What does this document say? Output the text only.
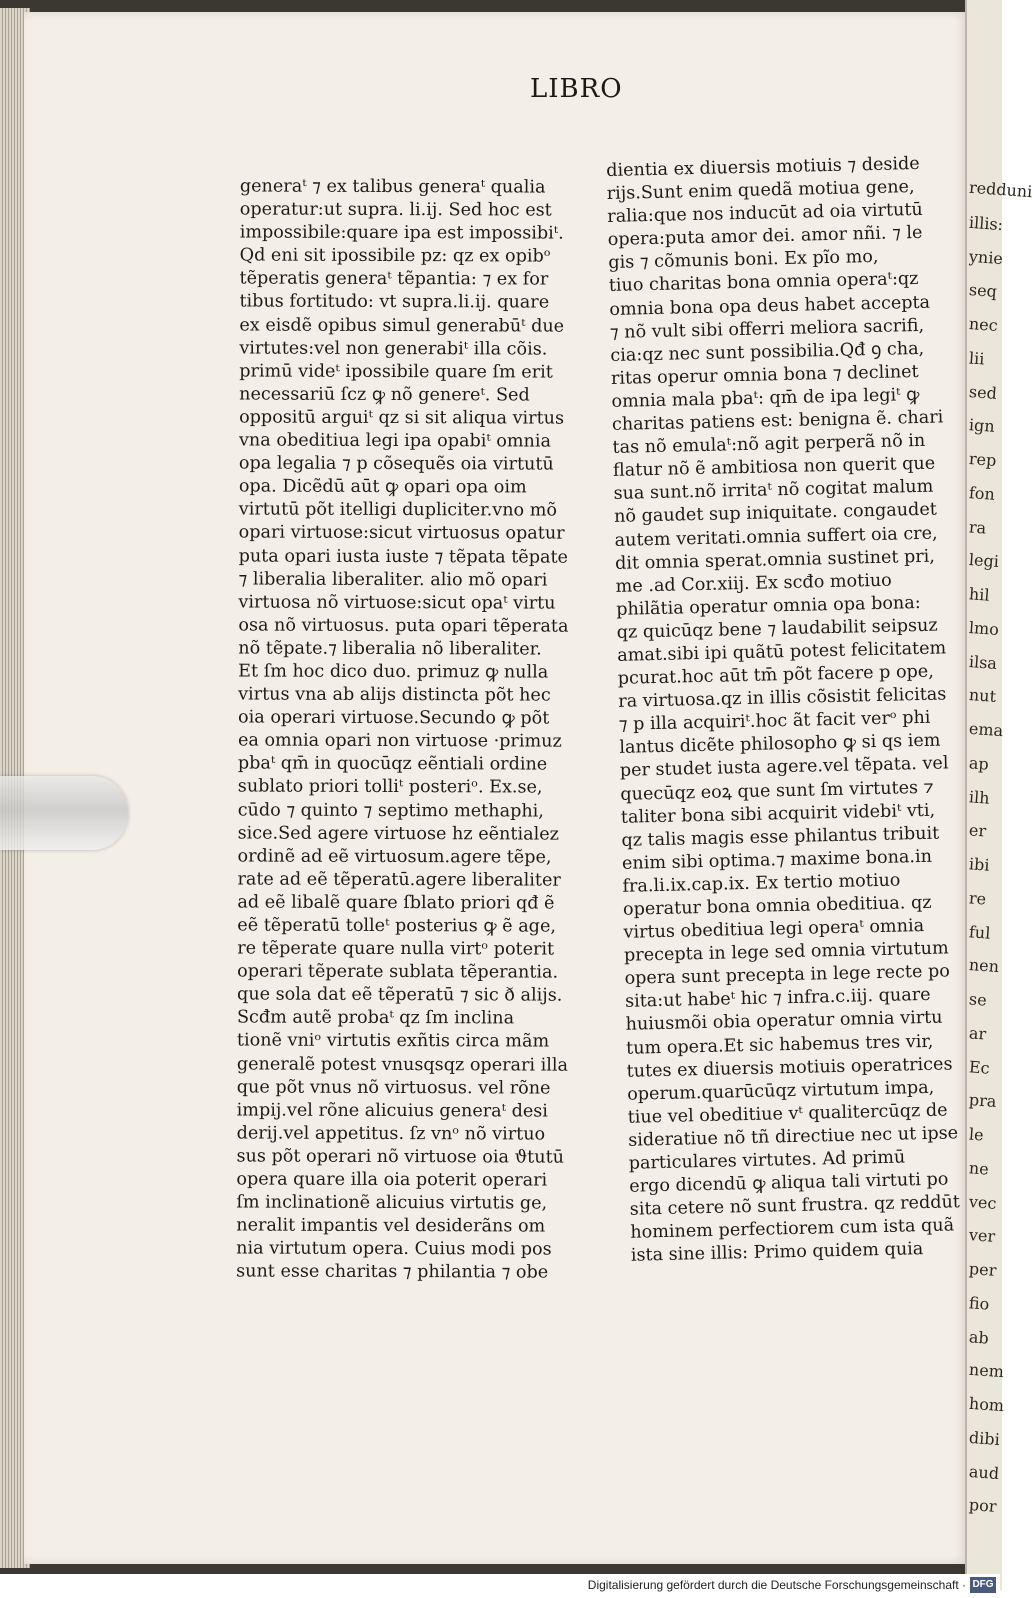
LIBRO
generaᵗ ⁊ ex talibus generaᵗ qualia
operatur:ut supra. li.ij. Sed hoc est
impossibile:quare ipa est impossibiᵗ.
Qd eni sit ipossibile pz: qz ex opibᵒ
tẽperatis generaᵗ tẽpantia: ⁊ ex for
tibus fortitudo: vt supra.li.ij. quare
ex eisdẽ opibus simul generabūᵗ due
virtutes:vel non generabiᵗ illa cõis.
primū videᵗ ipossibile quare ſm erit
necessariū ſcz ꝙ nõ genereᵗ. Sed
oppositū arguiᵗ qz si sit aliqua virtus
vna obeditiua legi ipa opabiᵗ omnia
opa legalia ⁊ p cõsequẽs oia virtutū
opa. Dicẽdū aūt ꝙ opari opa oim
virtutū põt itelligi dupliciter.vno mõ
opari virtuose:sicut virtuosus opatur
puta opari iusta iuste ⁊ tẽpata tẽpate
⁊ liberalia liberaliter. alio mõ opari
virtuosa nõ virtuose:sicut opaᵗ virtu
osa nõ virtuosus. puta opari tẽperata
nõ tẽpate.⁊ liberalia nõ liberaliter.
Et ſm hoc dico duo. primuz ꝙ nulla
virtus vna ab alijs distincta põt hec
oia operari virtuose.Secundo ꝙ põt
ea omnia opari non virtuose ·primuz
pbaᵗ qm̄ in quocūqz eẽntiali ordine
sublato priori tolliᵗ posteriᵒ. Ex.se,
cūdo ⁊ quinto ⁊ septimo methaphi,
sice.Sed agere virtuose hz eẽntialez
ordinẽ ad eẽ virtuosum.agere tẽpe,
rate ad eẽ tẽperatū.agere liberaliter
ad eẽ libalẽ quare ſblato priori qđ ẽ
eẽ tẽperatū tolleᵗ posterius ꝙ ẽ age,
re tẽperate quare nulla virtᵒ poterit
operari tẽperate sublata tẽperantia.
que sola dat eẽ tẽperatū ⁊ sic ð alijs.
Scđm autẽ probaᵗ qz ſm inclina
tionẽ vniᵒ virtutis exñtis circa mãm
generalẽ potest vnusqsqz operari illa
que põt vnus nõ virtuosus. vel rõne
impij.vel rõne alicuius generaᵗ desi
derij.vel appetitus. ſz vnᵒ nõ virtuo
sus põt operari nõ virtuose oia ϑtutū
opera quare illa oia poterit operari
ſm inclinationẽ alicuius virtutis ge,
neralit impantis vel desiderãns om
nia virtutum opera. Cuius modi pos
sunt esse charitas ⁊ philantia ⁊ obe
dientia ex diuersis motiuis ⁊ deside
rijs.Sunt enim quedã motiua gene,
ralia:que nos inducūt ad oia virtutū
opera:puta amor dei. amor nñi. ⁊ le
gis ⁊ cõmunis boni. Ex pĩo mo,
tiuo charitas bona omnia operaᵗ:qz
omnia bona opa deus habet accepta
⁊ nõ vult sibi offerri meliora sacrifi,
cia:qz nec sunt possibilia.Qđ ꝯ cha,
ritas operur omnia bona ⁊ declinet
omnia mala pbaᵗ: qm̄ de ipa legiᵗ ꝙ
charitas patiens est: benigna ẽ. chari
tas nõ emulaᵗ:nõ agit perperã nõ in
flatur nõ ẽ ambitiosa non querit que
sua sunt.nõ irritaᵗ nõ cogitat malum
nõ gaudet sup iniquitate. congaudet
autem veritati.omnia suffert oia cre,
dit omnia sperat.omnia sustinet pri,
me .ad Cor.xiij. Ex scđo motiuo
philãtia operatur omnia opa bona:
qz quicūqz bene ⁊ laudabilit seipsuz
amat.sibi ipi quãtū potest felicitatem
pcurat.hoc aūt tm̄ põt facere p ope,
ra virtuosa.qz in illis cõsistit felicitas
⁊ p illa acquiriᵗ.hoc ãt facit verᵒ phi
lantus dicẽte philosopho ꝙ si qs iem
per studet iusta agere.vel tẽpata. vel
quecūqz eoꝝ que sunt ſm virtutes ⁊
taliter bona sibi acquirit videbiᵗ vti,
qz talis magis esse philantus tribuit
enim sibi optima.⁊ maxime bona.in
fra.li.ix.cap.ix. Ex tertio motiuo
operatur bona omnia obeditiua. qz
virtus obeditiua legi operaᵗ omnia
precepta in lege sed omnia virtutum
opera sunt precepta in lege recte po
sita:ut habeᵗ hic ⁊ infra.c.iij. quare
huiusmõi obia operatur omnia virtu
tum opera.Et sic habemus tres vir,
tutes ex diuersis motiuis operatrices
operum.quarūcūqz virtutum impa,
tiue vel obeditiue vᵗ qualitercūqz de
sideratiue nõ tñ directiue nec ut ipse
particulares virtutes. Ad primū
ergo dicendū ꝙ aliqua tali virtuti po
sita cetere nõ sunt frustra. qz reddūt
hominem perfectiorem cum ista quã
ista sine illis: Primo quidem quia
redduni
illis:
ynie
seq
nec
lii
sed
ign
rep
fon
ra
legi
hil
lmo
ilsa
nut
ema
ap
ilh
er
ibi
re
ful
nen
se
ar
Ec
pra
le
ne
vec
ver
per
fio
ab
nem
hom
dibi
aud
por
Digitalisierung gefördert durch die Deutsche Forschungsgemeinschaft · DFG
